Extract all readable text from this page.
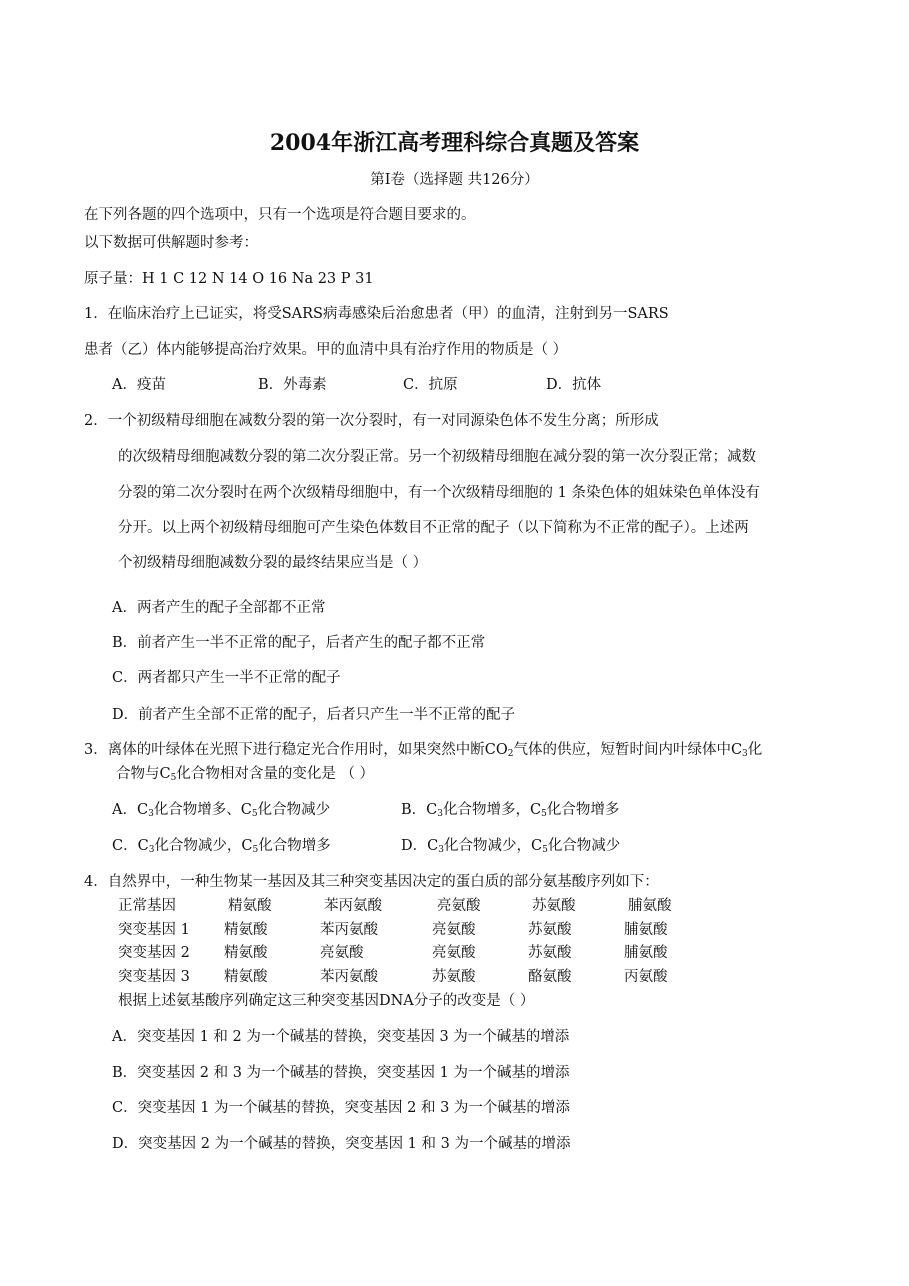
2004年浙江高考理科综合真题及答案
第Ⅰ卷（选择题 共126分）
在下列各题的四个选项中，只有一个选项是符合题目要求的。
以下数据可供解题时参考：
原子量：H 1 C 12 N 14 O 16 Na 23 P 31
1．在临床治疗上已证实，将受SARS病毒感染后治愈患者（甲）的血清，注射到另一SARS
患者（乙）体内能够提高治疗效果。甲的血清中具有治疗作用的物质是（ ）
A．疫苗	B．外毒素	C．抗原	D．抗体
2．一个初级精母细胞在减数分裂的第一次分裂时，有一对同源染色体不发生分离；所形成
的次级精母细胞减数分裂的第二次分裂正常。另一个初级精母细胞在减分裂的第一次分裂正常；减数
分裂的第二次分裂时在两个次级精母细胞中，有一个次级精母细胞的 1 条染色体的姐妹染色单体没有
分开。以上两个初级精母细胞可产生染色体数目不正常的配子（以下简称为不正常的配子）。上述两
个初级精母细胞减数分裂的最终结果应当是（ ）
A．两者产生的配子全部都不正常
B．前者产生一半不正常的配子，后者产生的配子都不正常
C．两者都只产生一半不正常的配子
D．前者产生全部不正常的配子，后者只产生一半不正常的配子
3．离体的叶绿体在光照下进行稳定光合作用时，如果突然中断$CO_2$气体的供应，短暂时间内叶绿体中$C_3$化
合物与$C_5$化合物相对含量的变化是 （ ）
A．$C_3$化合物增多、$C_5$化合物减少	B．$C_3$化合物增多，$C_5$化合物增多
C．$C_3$化合物减少，$C_5$化合物增多	D．$C_3$化合物减少，$C_5$化合物减少
4．自然界中，一种生物某一基因及其三种突变基因决定的蛋白质的部分氨基酸序列如下：
正常基因	精氨酸	苯丙氨酸	亮氨酸	苏氨酸	脯氨酸
突变基因 1 精氨酸	苯丙氨酸	亮氨酸	苏氨酸	脯氨酸
突变基因 2 精氨酸	亮氨酸	亮氨酸	苏氨酸	脯氨酸
突变基因 3 精氨酸	苯丙氨酸	苏氨酸	酪氨酸	丙氨酸
根据上述氨基酸序列确定这三种突变基因DNA分子的改变是（ ）
A．突变基因 1 和 2 为一个碱基的替换，突变基因 3 为一个碱基的增添
B．突变基因 2 和 3 为一个碱基的替换，突变基因 1 为一个碱基的增添
C．突变基因 1 为一个碱基的替换，突变基因 2 和 3 为一个碱基的增添
D．突变基因 2 为一个碱基的替换，突变基因 1 和 3 为一个碱基的增添
